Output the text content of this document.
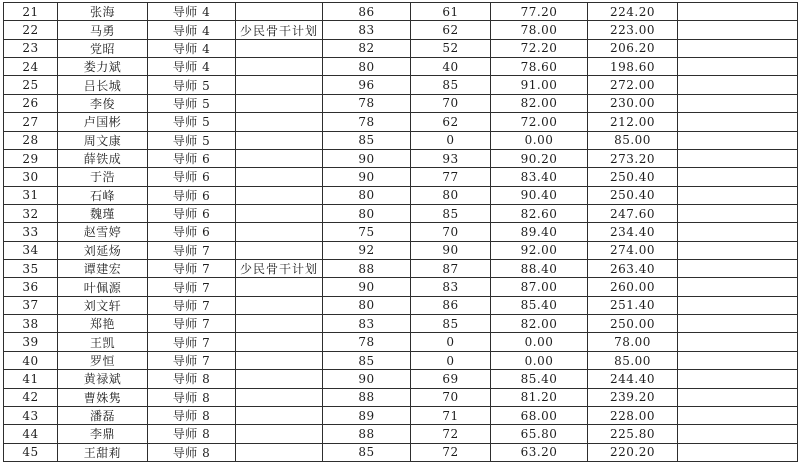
21	张海	导师 4		86	61	77.20	224.20	
22	马勇	导师 4	少民骨干计划	83	62	78.00	223.00	
23	党昭	导师 4		82	52	72.20	206.20	
24	娄力斌	导师 4		80	40	78.60	198.60	
25	吕长城	导师 5		96	85	91.00	272.00	
26	李俊	导师 5		78	70	82.00	230.00	
27	卢国彬	导师 5		78	62	72.00	212.00	
28	周文康	导师 5		85	0	0.00	85.00	
29	薛铁成	导师 6		90	93	90.20	273.20	
30	于浩	导师 6		90	77	83.40	250.40	
31	石峰	导师 6		80	80	90.40	250.40	
32	魏瑾	导师 6		80	85	82.60	247.60	
33	赵雪婷	导师 6		75	70	89.40	234.40	
34	刘延炀	导师 7		92	90	92.00	274.00	
35	谭建宏	导师 7	少民骨干计划	88	87	88.40	263.40	
36	叶佩源	导师 7		90	83	87.00	260.00	
37	刘文轩	导师 7		80	86	85.40	251.40	
38	郑艳	导师 7		83	85	82.00	250.00	
39	王凯	导师 7		78	0	0.00	78.00	
40	罗恒	导师 7		85	0	0.00	85.00	
41	黄禄斌	导师 8		90	69	85.40	244.40	
42	曹姝隽	导师 8		88	70	81.20	239.20	
43	潘磊	导师 8		89	71	68.00	228.00	
44	李鼎	导师 8		88	72	65.80	225.80	
45	王甜莉	导师 8		85	72	63.20	220.20	
